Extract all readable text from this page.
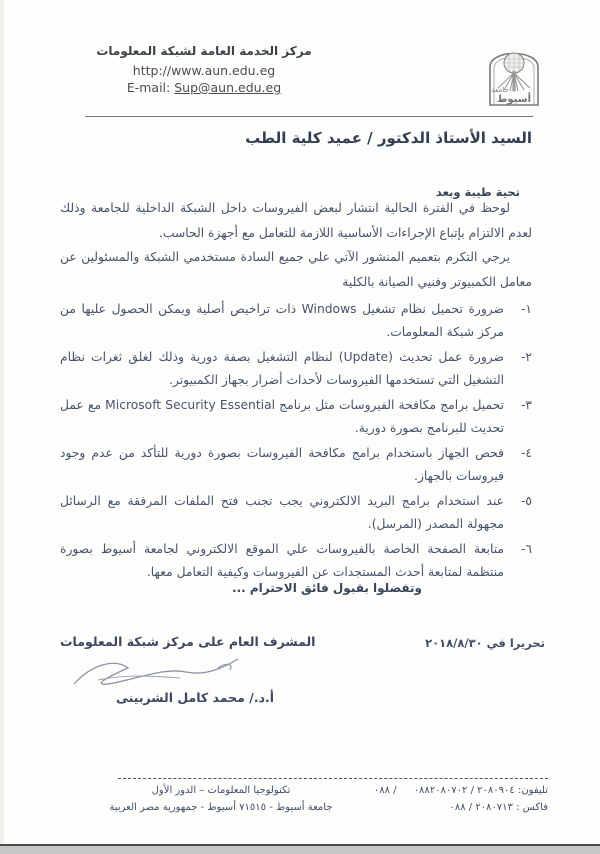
مركز الخدمة العامة لشبكة المعلومات
http://www.aun.edu.eg
E-mail: Sup@aun.edu.eg	جامعة
أسيوط
السيد الأستاذ الدكتور / عميد كلية الطب
تحية طيبة وبعد

لوحظ في الفترة الحالية انتشار لبعض الفيروسات داخل الشبكة الداخلية للجامعة وذلك لعدم الالتزام بإتباع الإجراءات الأساسية اللازمة للتعامل مع أجهزة الحاسب.

يرجي التكرم بتعميم المنشور الآتي علي جميع السادة مستخدمي الشبكة والمسئولين عن معامل الكمبيوتر وفنيي الصيانة بالكلية

١-
ضرورة تحميل نظام تشغيل Windows ذات تراخيص أصلية ويمكن الحصول عليها من مركز شبكة المعلومات.
٢-
ضرورة عمل تحديث (Update) لنظام التشغيل بصفة دورية وذلك لغلق ثغرات نظام التشغيل التي تستخدمها الفيروسات لأحداث أضرار بجهاز الكمبيوتر.
٣-
تحميل برامج مكافحة الفيروسات مثل برنامج Microsoft Security Essential مع عمل تحديث للبرنامج بصورة دورية.
٤-
فحص الجهاز باستخدام برامج مكافحة الفيروسات بصورة دورية للتأكد من عدم وجود فيروسات بالجهاز.
٥-
عند استخدام برامج البريد الالكتروني يجب تجنب فتح الملفات المرفقة مع الرسائل مجهولة المصدر (المرسل).
٦-
متابعة الصفحة الخاصة بالفيروسات علي الموقع الالكتروني لجامعة أسيوط بصورة منتظمة لمتابعة أحدث المستجدات عن الفيروسات وكيفية التعامل معها.
وتفضلوا بقبول فائق الاحترام ...
تحريرا في ٢٠١٨/٨/٣٠
المشرف العام على مركز شبكة المعلومات
أ.د./ محمد كامل الشربينى
تليفون: ٢٠٨٠٩٠٤ / ٠٨٨٢٠٨٠٧٠٢ / ٠٨٨
فاكس : ٢٠٨٠٧١٣ / ٠٨٨
تكنولوجيا المعلومات – الدور الأول
جامعة أسيوط - ٧١٥١٥ أسيوط - جمهورية مصر العربية
